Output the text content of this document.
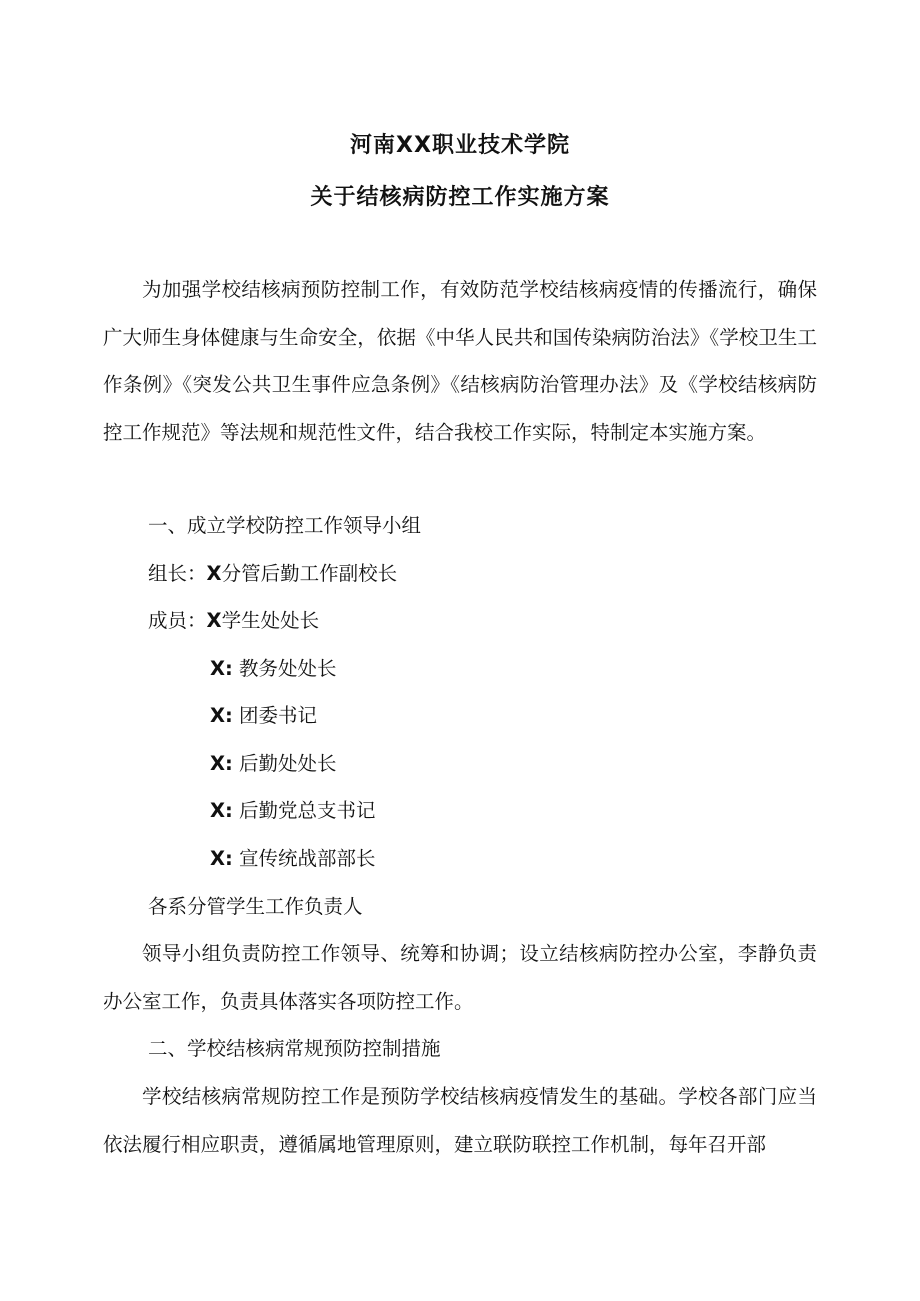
河南XX职业技术学院
关于结核病防控工作实施方案

为加强学校结核病预防控制工作，有效防范学校结核病疫情的传播流行，确保广大师生身体健康与生命安全，依据《中华人民共和国传染病防治法》《学校卫生工作条例》《突发公共卫生事件应急条例》《结核病防治管理办法》及《学校结核病防控工作规范》等法规和规范性文件，结合我校工作实际，特制定本实施方案。

一、成立学校防控工作领导小组
组长：X分管后勤工作副校长
成员：X学生处处长
X: 教务处处长
X: 团委书记
X: 后勤处处长
X: 后勤党总支书记
X: 宣传统战部部长
各系分管学生工作负责人

领导小组负责防控工作领导、统筹和协调；设立结核病防控办公室，李静负责办公室工作，负责具体落实各项防控工作。

二、学校结核病常规预防控制措施

学校结核病常规防控工作是预防学校结核病疫情发生的基础。学校各部门应当依法履行相应职责，遵循属地管理原则，建立联防联控工作机制，每年召开部
